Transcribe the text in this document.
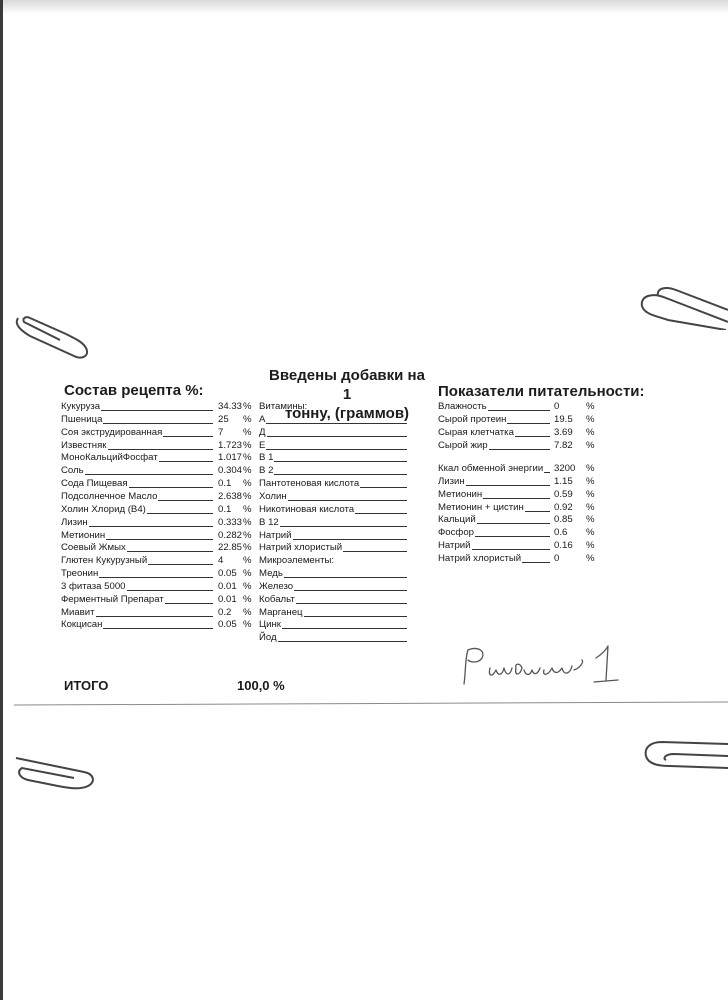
Состав рецепта %:
Введены добавки на 1
тонну, (граммов)
Показатели питательности:
Кукуруза	34.33 %
Пшеница	25 %
Соя экструдированная	7 %
Известняк	1.723 %
МоноКальцийФосфат	1.017 %
Соль	0.304 %
Сода Пищевая	0.1 %
Подсолнечное Масло	2.638 %
Холин Хлорид (B4)	0.1 %
Лизин	0.333 %
Метионин	0.282 %
Соевый Жмых	22.85 %
Глютен Кукурузный	4 %
Треонин	0.05 %
3 фитаза 5000	0.01 %
Ферментный Препарат	0.01 %
Миавит	0.2 %
Кокцисан	0.05 %
Витамины:
А
Д
Е
В 1
В 2
Пантотеновая кислота
Холин
Никотиновая кислота
В 12
Натрий
Натрий хлористый
Микроэлементы:
Медь
Железо
Кобальт
Марганец
Цинк
Йод
Влажность	0	%
Сырой протеин	19.5 %
Сырая клетчатка	3.69 %
Сырой жир	7.82 %
Ккал обменной энергии 3200 %
Лизин	1.15 %
Метионин	0.59 %
Метионин + цистин	0.92 %
Кальций	0.85 %
Фосфор	0.6 %
Натрий	0.16 %
Натрий хлористый	0	%
ИТОГО	100,0 %
